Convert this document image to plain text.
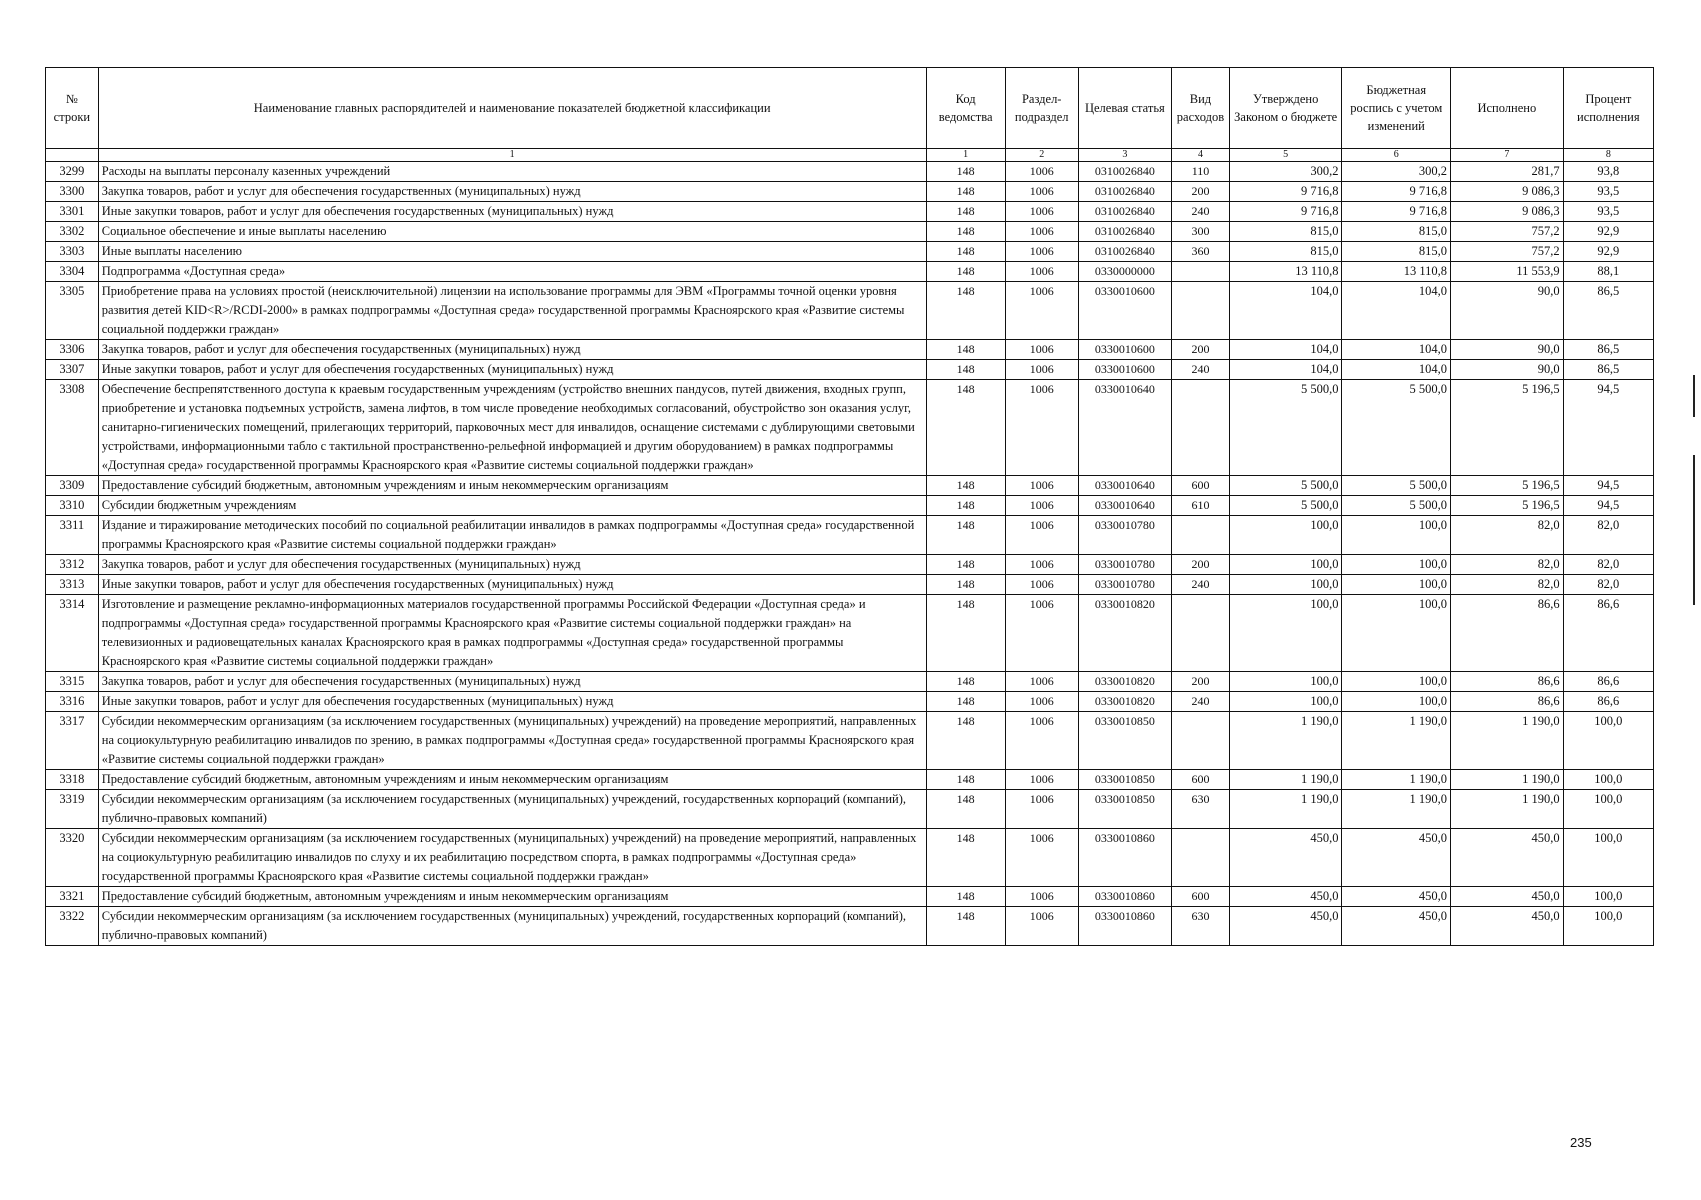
№ строки	Наименование главных распорядителей и наименование показателей бюджетной классификации	Код ведомства	Раздел-подраздел	Целевая статья	Вид расходов	Утверждено Законом о бюджете	Бюджетная роспись с учетом изменений	Исполнено	Процент исполнения
	1	1	2	3	4	5	6	7	8
3299	Расходы на выплаты персоналу казенных учреждений	148	1006	0310026840	110	300,2	300,2	281,7	93,8
3300	Закупка товаров, работ и услуг для обеспечения государственных (муниципальных) нужд	148	1006	0310026840	200	9 716,8	9 716,8	9 086,3	93,5
3301	Иные закупки товаров, работ и услуг для обеспечения государственных (муниципальных) нужд	148	1006	0310026840	240	9 716,8	9 716,8	9 086,3	93,5
3302	Социальное обеспечение и иные выплаты населению	148	1006	0310026840	300	815,0	815,0	757,2	92,9
3303	Иные выплаты населению	148	1006	0310026840	360	815,0	815,0	757,2	92,9
3304	Подпрограмма «Доступная среда»	148	1006	0330000000		13 110,8	13 110,8	11 553,9	88,1
3305	Приобретение права на условиях простой (неисключительной) лицензии на использование программы для ЭВМ «Программы точной оценки уровня развития детей KID<R>/RCDI-2000» в рамках подпрограммы «Доступная среда» государственной программы Красноярского края «Развитие системы социальной поддержки граждан»	148	1006	0330010600		104,0	104,0	90,0	86,5
3306	Закупка товаров, работ и услуг для обеспечения государственных (муниципальных) нужд	148	1006	0330010600	200	104,0	104,0	90,0	86,5
3307	Иные закупки товаров, работ и услуг для обеспечения государственных (муниципальных) нужд	148	1006	0330010600	240	104,0	104,0	90,0	86,5
3308	Обеспечение беспрепятственного доступа к краевым государственным учреждениям (устройство внешних пандусов, путей движения, входных групп, приобретение и установка подъемных устройств, замена лифтов, в том числе проведение необходимых согласований, обустройство зон оказания услуг, санитарно-гигиенических помещений, прилегающих территорий, парковочных мест для инвалидов, оснащение системами с дублирующими световыми устройствами, информационными табло с тактильной пространственно-рельефной информацией и другим оборудованием) в рамках подпрограммы «Доступная среда» государственной программы Красноярского края «Развитие системы социальной поддержки граждан»	148	1006	0330010640		5 500,0	5 500,0	5 196,5	94,5
3309	Предоставление субсидий бюджетным, автономным учреждениям и иным некоммерческим организациям	148	1006	0330010640	600	5 500,0	5 500,0	5 196,5	94,5
3310	Субсидии бюджетным учреждениям	148	1006	0330010640	610	5 500,0	5 500,0	5 196,5	94,5
3311	Издание и тиражирование методических пособий по социальной реабилитации инвалидов в рамках подпрограммы «Доступная среда» государственной программы Красноярского края «Развитие системы социальной поддержки граждан»	148	1006	0330010780		100,0	100,0	82,0	82,0
3312	Закупка товаров, работ и услуг для обеспечения государственных (муниципальных) нужд	148	1006	0330010780	200	100,0	100,0	82,0	82,0
3313	Иные закупки товаров, работ и услуг для обеспечения государственных (муниципальных) нужд	148	1006	0330010780	240	100,0	100,0	82,0	82,0
3314	Изготовление и размещение рекламно-информационных материалов государственной программы Российской Федерации «Доступная среда» и подпрограммы «Доступная среда» государственной программы Красноярского края «Развитие системы социальной поддержки граждан» на телевизионных и радиовещательных каналах Красноярского края в рамках подпрограммы «Доступная среда» государственной программы Красноярского края «Развитие системы социальной поддержки граждан»	148	1006	0330010820		100,0	100,0	86,6	86,6
3315	Закупка товаров, работ и услуг для обеспечения государственных (муниципальных) нужд	148	1006	0330010820	200	100,0	100,0	86,6	86,6
3316	Иные закупки товаров, работ и услуг для обеспечения государственных (муниципальных) нужд	148	1006	0330010820	240	100,0	100,0	86,6	86,6
3317	Субсидии некоммерческим организациям (за исключением государственных (муниципальных) учреждений) на проведение мероприятий, направленных на социокультурную реабилитацию инвалидов по зрению, в рамках подпрограммы «Доступная среда» государственной программы Красноярского края «Развитие системы социальной поддержки граждан»	148	1006	0330010850		1 190,0	1 190,0	1 190,0	100,0
3318	Предоставление субсидий бюджетным, автономным учреждениям и иным некоммерческим организациям	148	1006	0330010850	600	1 190,0	1 190,0	1 190,0	100,0
3319	Субсидии некоммерческим организациям (за исключением государственных (муниципальных) учреждений, государственных корпораций (компаний), публично-правовых компаний)	148	1006	0330010850	630	1 190,0	1 190,0	1 190,0	100,0
3320	Субсидии некоммерческим организациям (за исключением государственных (муниципальных) учреждений) на проведение мероприятий, направленных на социокультурную реабилитацию инвалидов по слуху и их реабилитацию посредством спорта, в рамках подпрограммы «Доступная среда» государственной программы Красноярского края «Развитие системы социальной поддержки граждан»	148	1006	0330010860		450,0	450,0	450,0	100,0
3321	Предоставление субсидий бюджетным, автономным учреждениям и иным некоммерческим организациям	148	1006	0330010860	600	450,0	450,0	450,0	100,0
3322	Субсидии некоммерческим организациям (за исключением государственных (муниципальных) учреждений, государственных корпораций (компаний), публично-правовых компаний)	148	1006	0330010860	630	450,0	450,0	450,0	100,0
235
